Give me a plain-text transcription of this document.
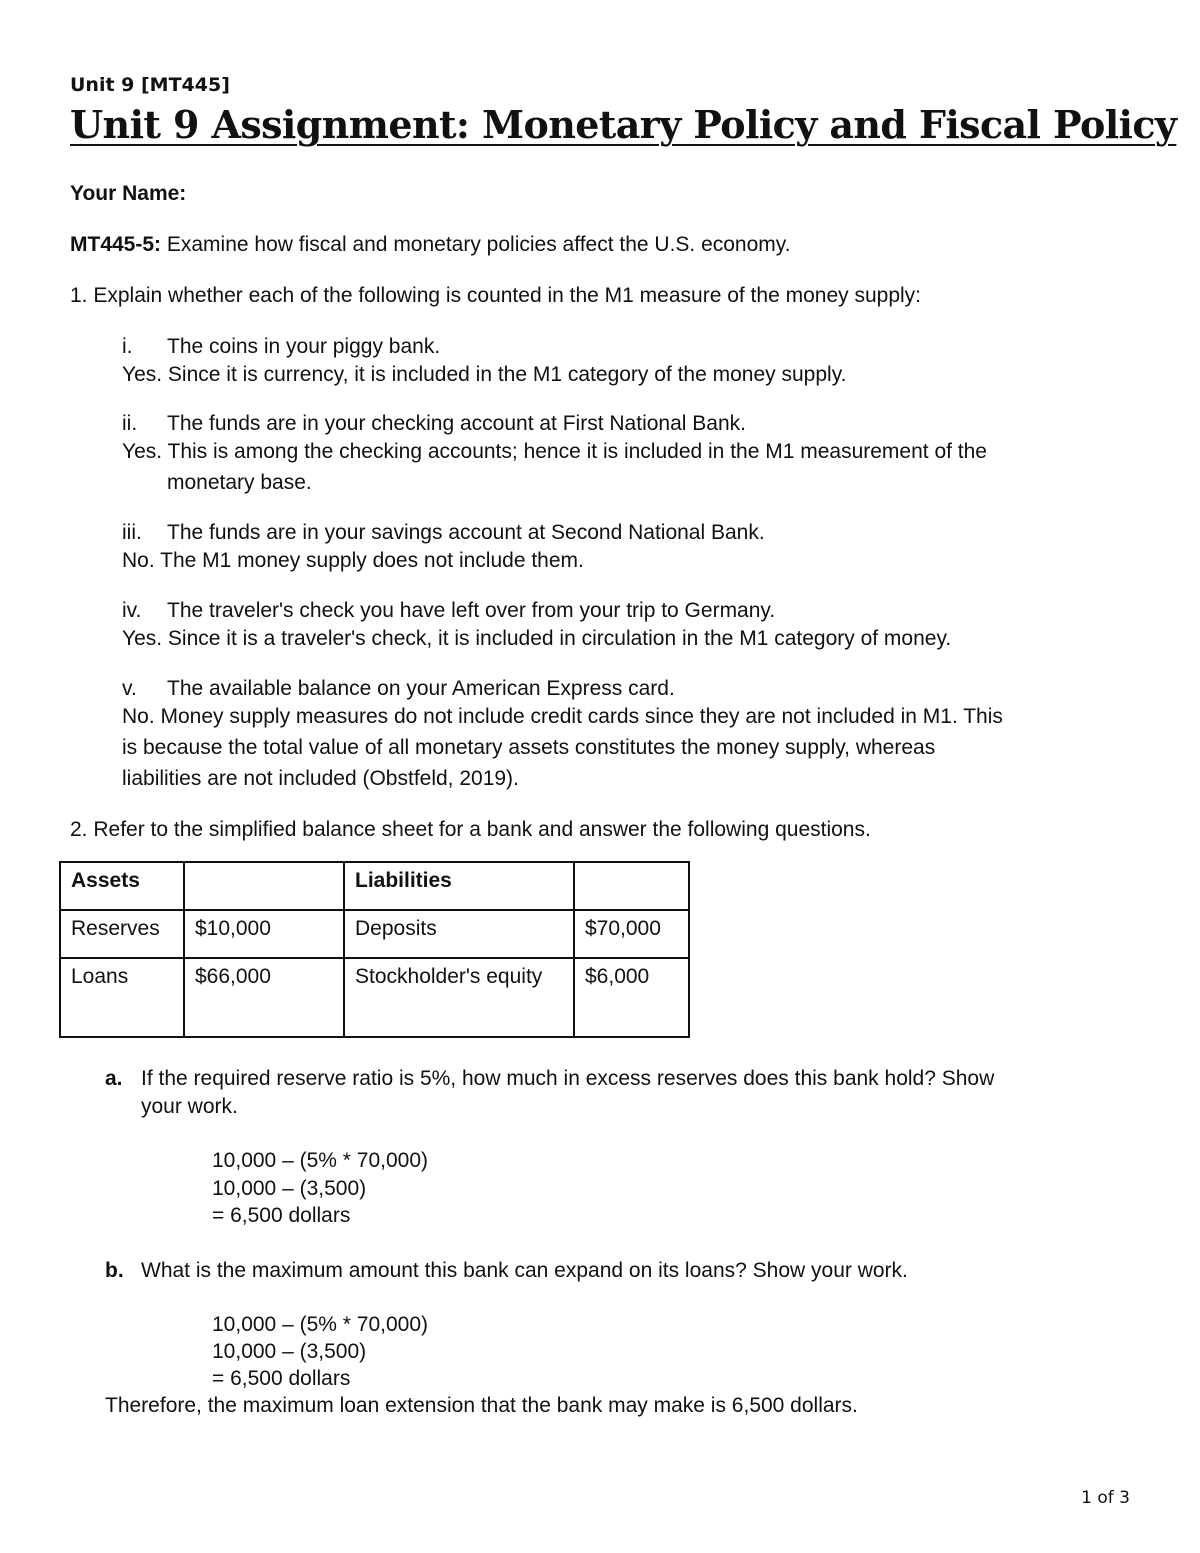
Unit 9 [MT445]
Unit 9 Assignment: Monetary Policy and Fiscal Policy
Your Name:
MT445-5: Examine how fiscal and monetary policies affect the U.S. economy.
1. Explain whether each of the following is counted in the M1 measure of the money supply:
i. The coins in your piggy bank.
Yes. Since it is currency, it is included in the M1 category of the money supply.
ii. The funds are in your checking account at First National Bank.
Yes. This is among the checking accounts; hence it is included in the M1 measurement of the
monetary base.
iii. The funds are in your savings account at Second National Bank.
No. The M1 money supply does not include them.
iv. The traveler's check you have left over from your trip to Germany.
Yes. Since it is a traveler's check, it is included in circulation in the M1 category of money.
v. The available balance on your American Express card.
No. Money supply measures do not include credit cards since they are not included in M1. This
is because the total value of all monetary assets constitutes the money supply, whereas
liabilities are not included (Obstfeld, 2019).
2. Refer to the simplified balance sheet for a bank and answer the following questions.
Assets		Liabilities	
Reserves	$10,000	Deposits	$70,000
Loans	$66,000	Stockholder's equity	$6,000
a. If the required reserve ratio is 5%, how much in excess reserves does this bank hold? Show
your work.
10,000 – (5% * 70,000)
10,000 – (3,500)
= 6,500 dollars
b. What is the maximum amount this bank can expand on its loans? Show your work.
10,000 – (5% * 70,000)
10,000 – (3,500)
= 6,500 dollars
Therefore, the maximum loan extension that the bank may make is 6,500 dollars.
1 of 3
